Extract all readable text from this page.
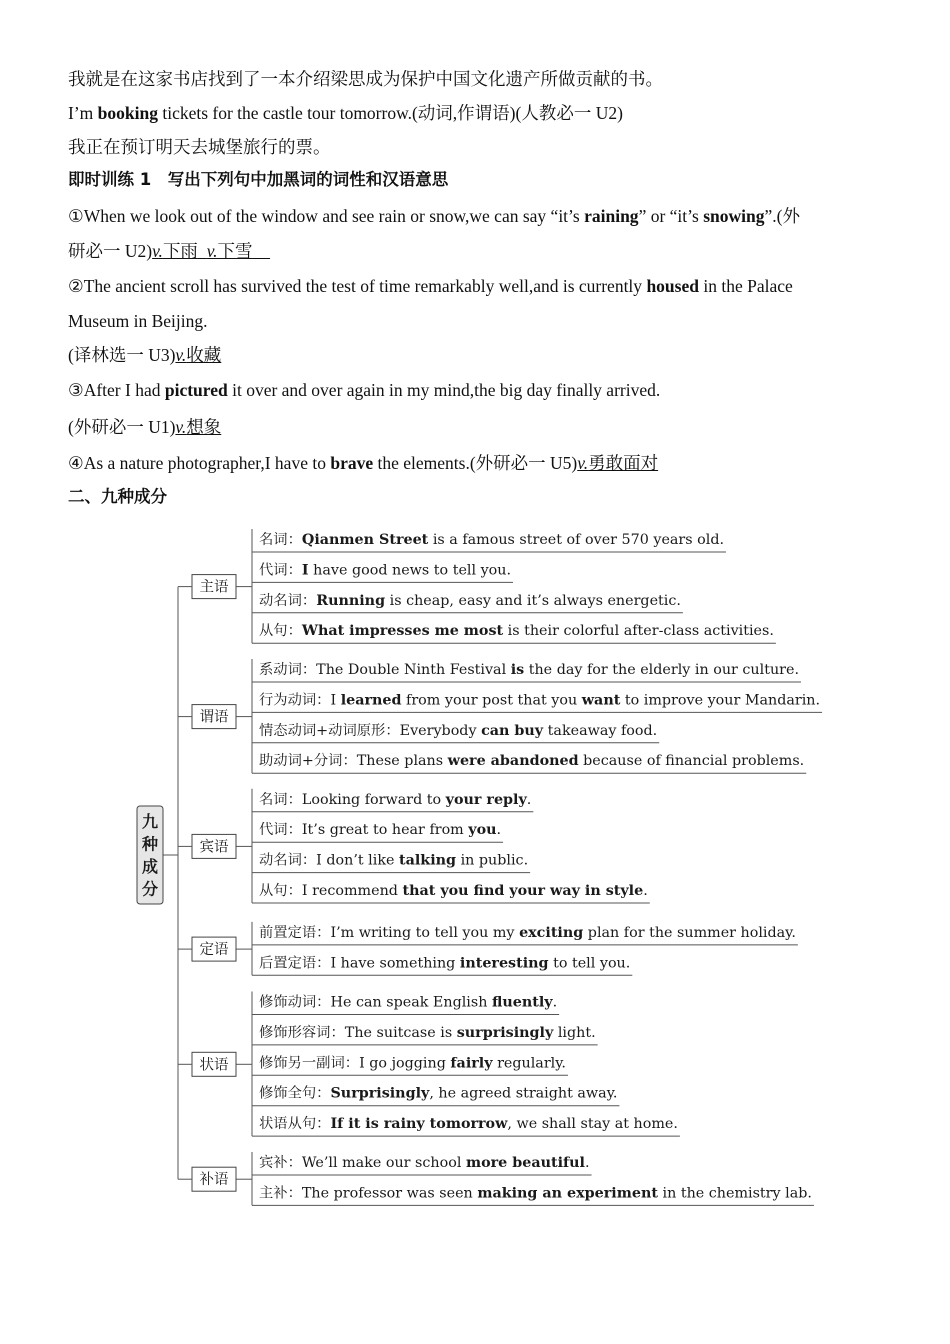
我就是在这家书店找到了一本介绍梁思成为保护中国文化遗产所做贡献的书。
I’m booking tickets for the castle tour tomorrow.(动词,作谓语)(人教必一 U2)
我正在预订明天去城堡旅行的票。
即时训练 1　写出下列句中加黑词的词性和汉语意思
①When we look out of the window and see rain or snow,we can say “it’s raining” or “it’s snowing”.(外
研必一 U2)v.下雨 v.下雪
②The ancient scroll has survived the test of time remarkably well,and is currently housed in the Palace
Museum in Beijing.
(译林选一 U3)v.收藏
③After I had pictured it over and over again in my mind,the big day finally arrived.
(外研必一 U1)v.想象
④As a nature photographer,I have to brave the elements.(外研必一 U5)v.勇敢面对
二、九种成分
名词：Qianmen Street is a famous street of over 570 years old.
代词：I have good news to tell you.
动名词：Running is cheap, easy and it’s always energetic.
从句：What impresses me most is their colorful after-class activities.
主语
系动词：The Double Ninth Festival is the day for the elderly in our culture.
行为动词：I learned from your post that you want to improve your Mandarin.
情态动词+动词原形：Everybody can buy takeaway food.
助动词+分词：These plans were abandoned because of financial problems.
谓语
名词：Looking forward to your reply.
代词：It’s great to hear from you.
动名词：I don’t like talking in public.
从句：I recommend that you find your way in style.
宾语
前置定语：I’m writing to tell you my exciting plan for the summer holiday.
后置定语：I have something interesting to tell you.
定语
修饰动词：He can speak English fluently.
修饰形容词：The suitcase is surprisingly light.
修饰另一副词：I go jogging fairly regularly.
修饰全句：Surprisingly, he agreed straight away.
状语从句：If it is rainy tomorrow, we shall stay at home.
状语
宾补：We’ll make our school more beautiful.
主补：The professor was seen making an experiment in the chemistry lab.
补语
九
种
成
分
